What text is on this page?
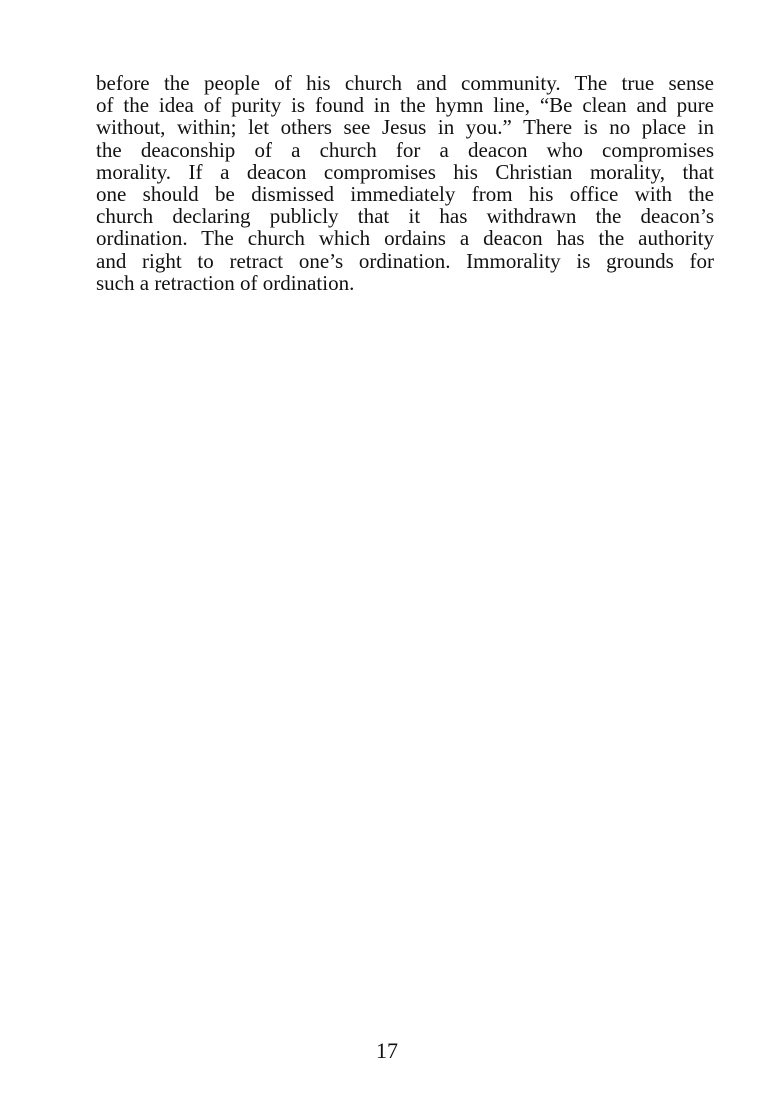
before the people of his church and community. The true sense
of the idea of purity is found in the hymn line, “Be clean and pure
without, within; let others see Jesus in you.” There is no place in
the deaconship of a church for a deacon who compromises
morality. If a deacon compromises his Christian morality, that
one should be dismissed immediately from his office with the
church declaring publicly that it has withdrawn the deacon’s
ordination. The church which ordains a deacon has the authority
and right to retract one’s ordination. Immorality is grounds for
such a retraction of ordination.
17
